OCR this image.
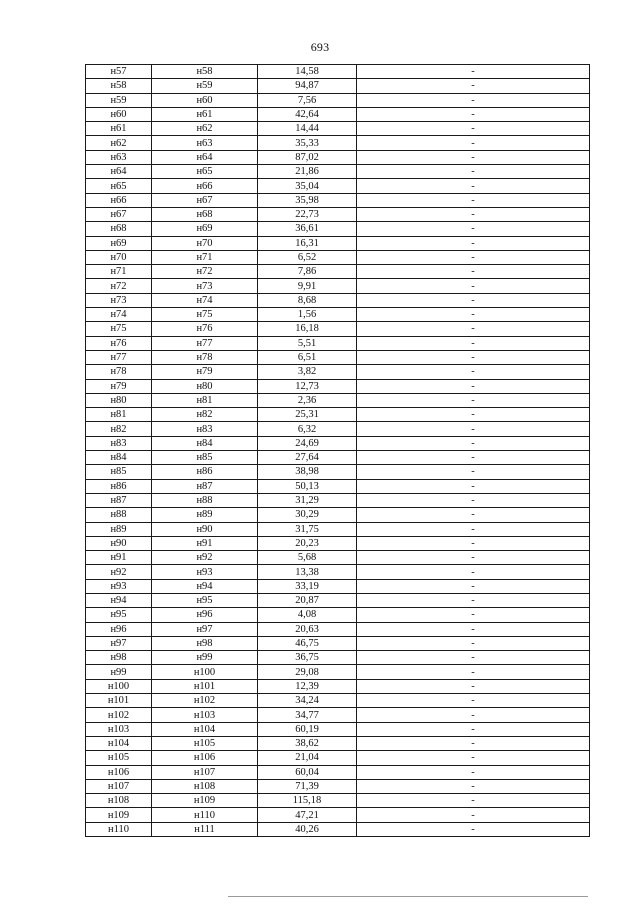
693
н57	н58	14,58	-
н58	н59	94,87	-
н59	н60	7,56	-
н60	н61	42,64	-
н61	н62	14,44	-
н62	н63	35,33	-
н63	н64	87,02	-
н64	н65	21,86	-
н65	н66	35,04	-
н66	н67	35,98	-
н67	н68	22,73	-
н68	н69	36,61	-
н69	н70	16,31	-
н70	н71	6,52	-
н71	н72	7,86	-
н72	н73	9,91	-
н73	н74	8,68	-
н74	н75	1,56	-
н75	н76	16,18	-
н76	н77	5,51	-
н77	н78	6,51	-
н78	н79	3,82	-
н79	н80	12,73	-
н80	н81	2,36	-
н81	н82	25,31	-
н82	н83	6,32	-
н83	н84	24,69	-
н84	н85	27,64	-
н85	н86	38,98	-
н86	н87	50,13	-
н87	н88	31,29	-
н88	н89	30,29	-
н89	н90	31,75	-
н90	н91	20,23	-
н91	н92	5,68	-
н92	н93	13,38	-
н93	н94	33,19	-
н94	н95	20,87	-
н95	н96	4,08	-
н96	н97	20,63	-
н97	н98	46,75	-
н98	н99	36,75	-
н99	н100	29,08	-
н100	н101	12,39	-
н101	н102	34,24	-
н102	н103	34,77	-
н103	н104	60,19	-
н104	н105	38,62	-
н105	н106	21,04	-
н106	н107	60,04	-
н107	н108	71,39	-
н108	н109	115,18	-
н109	н110	47,21	-
н110	н111	40,26	-
